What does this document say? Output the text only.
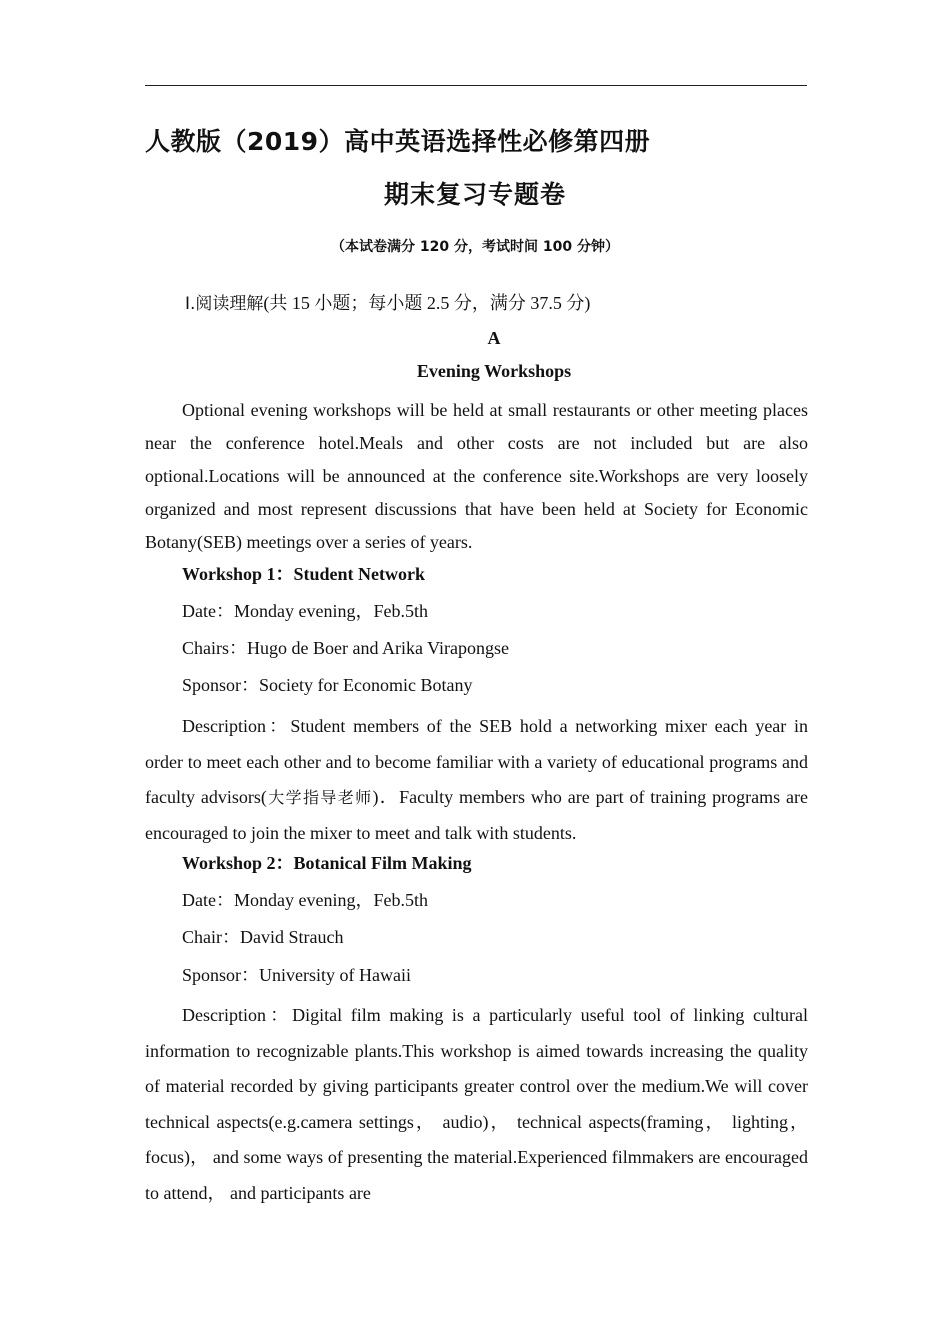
人教版（2019）高中英语选择性必修第四册
期末复习专题卷
（本试卷满分 120 分，考试时间 100 分钟）
Ⅰ.阅读理解(共 15 小题；每小题 2.5 分，满分 37.5 分)
A
Evening Workshops
Optional evening workshops will be held at small restaurants or other meeting places near the conference hotel.Meals and other costs are not included but are also optional.Locations will be announced at the conference site.Workshops are very loosely organized and most represent discussions that have been held at Society for Economic Botany(SEB) meetings over a series of years.
Workshop 1：Student Network
Date：Monday evening，Feb.5th
Chairs：Hugo de Boer and Arika Virapongse
Sponsor：Society for Economic Botany
Description：Student members of the SEB hold a networking mixer each year in order to meet each other and to become familiar with a variety of educational programs and faculty advisors(大学指导老师)．Faculty members who are part of training programs are encouraged to join the mixer to meet and talk with students.
Workshop 2：Botanical Film Making
Date：Monday evening，Feb.5th
Chair：David Strauch
Sponsor：University of Hawaii
Description：Digital film making is a particularly useful tool of linking cultural information to recognizable plants.This workshop is aimed towards increasing the quality of material recorded by giving participants greater control over the medium.We will cover technical aspects(e.g.camera settings， audio)， technical aspects(framing， lighting， focus)， and some ways of presenting the material.Experienced filmmakers are encouraged to attend， and participants are
